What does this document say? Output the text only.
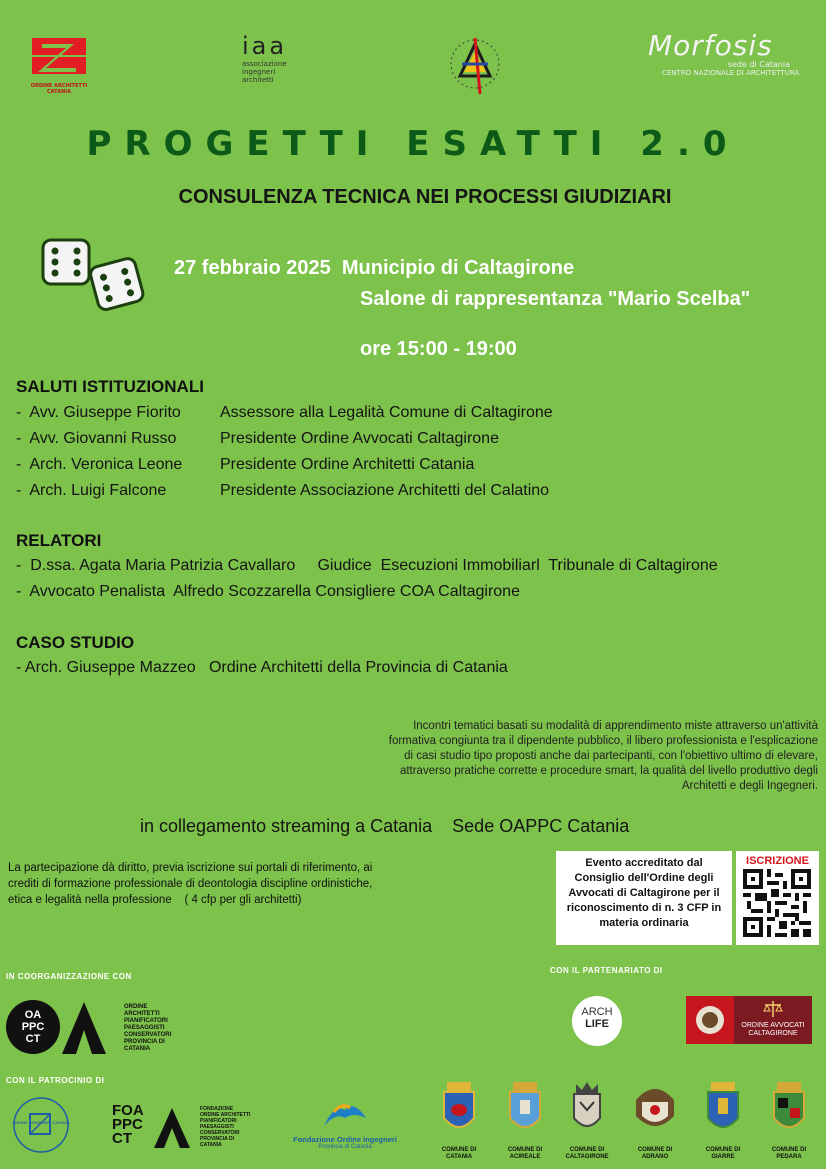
ORDINE ARCHITETTI CATANIA
iaa
associazione ingegneri architetti
Morfosis
sede di Catania
CENTRO NAZIONALE DI ARCHITETTURA
PROGETTI ESATTI 2.0
CONSULENZA TECNICA NEI PROCESSI GIUDIZIARI
27 febbraio 2025  Municipio di Caltagirone
Salone di rappresentanza "Mario Scelba"
ore 15:00 - 19:00
SALUTI ISTITUZIONALI
-  Avv. Giuseppe Fiorito Assessore alla Legalità Comune di Caltagirone
-  Avv. Giovanni Russo	Presidente Ordine Avvocati Caltagirone
-  Arch. Veronica Leone Presidente Ordine Architetti Catania
-  Arch. Luigi Falcone	Presidente Associazione Architetti del Calatino
RELATORI
-  D.ssa. Agata Maria Patrizia Cavallaro     Giudice  Esecuzioni Immobiliarl  Tribunale di Caltagirone
-  Avvocato Penalista  Alfredo Scozzarella Consigliere COA Caltagirone
CASO STUDIO
- Arch. Giuseppe Mazzeo   Ordine Architetti della Provincia di Catania
Incontri tematici basati su modalità di apprendimento miste attraverso un'attività
formativa congiunta tra il dipendente pubblico, il libero professionista e l'esplicazione
di casi studio tipo proposti anche dai partecipanti, con l'obiettivo ultimo di elevare,
attraverso pratiche corrette e procedure smart, la qualità del livello produttivo degli
Architetti e degli Ingegneri.
in collegamento streaming a Catania    Sede OAPPC Catania
La partecipazione dà diritto, previa iscrizione sui portali di riferimento, ai
crediti di formazione professionale di deontologia discipline ordinistiche,
etica e legalità nella professione    ( 4 cfp per gli architetti)
Evento accreditato dal
Consiglio dell'Ordine degli
Avvocati di Caltagirone per il
riconoscimento di n. 3 CFP in
materia ordinaria
ISCRIZIONE
IN COORGANIZZAZIONE CON
OA
PPC
CT
ORDINE
ARCHITETTI
PIANIFICATORI
PAESAGGISTI
CONSERVATORI
PROVINCIA DI
CATANIA
CON IL PARTENARIATO DI
ARCH
LIFE	ORDINE AVVOCATI
CALTAGIRONE
CON IL PATROCINIO DI
ORDINE INGEGNERI CATANIA
FOA
PPC
CT
FONDAZIONE
ORDINE ARCHITETTI
PIANIFICATORI
PAESAGGISTI
CONSERVATORI
PROVINCIA DI
CATANIA
Fondazione Ordine Ingegneri
Provincia di Catania	COMUNE DI
CATANIA
COMUNE DI
ACIREALE
COMUNE DI
CALTAGIRONE
COMUNE DI
ADRANO
COMUNE DI
GIARRE
COMUNE DI
PEDARA
